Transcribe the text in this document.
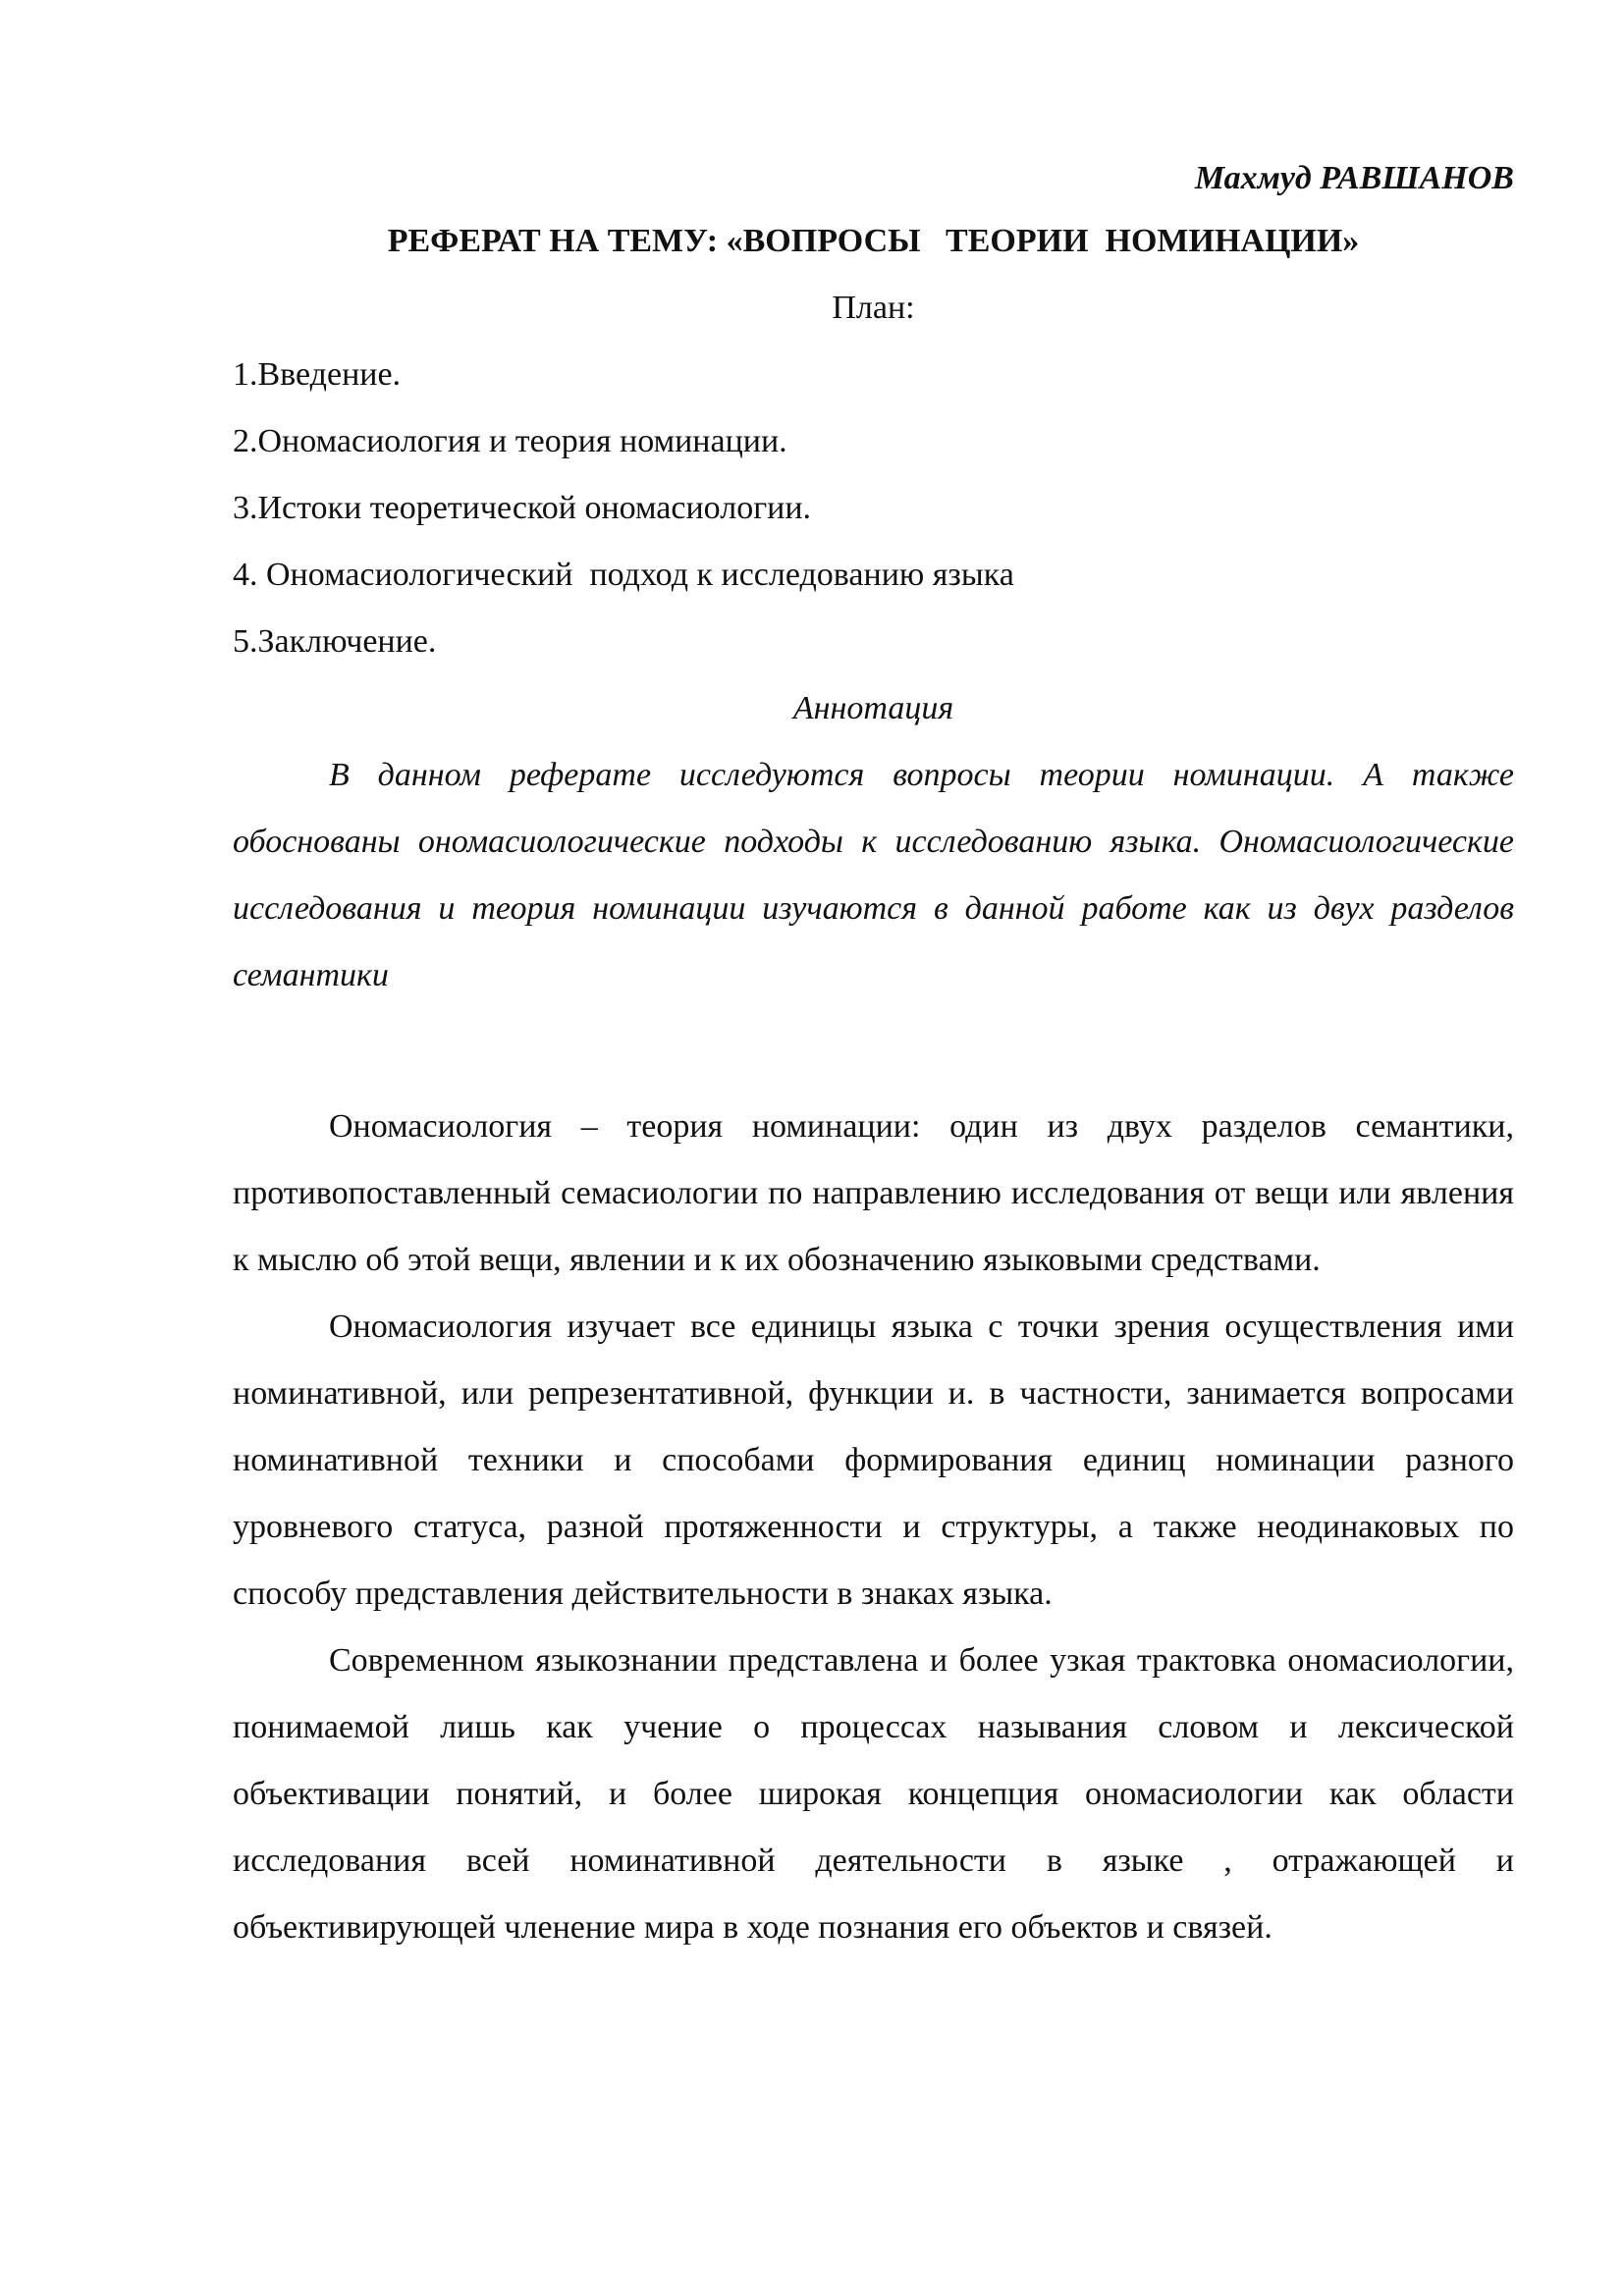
Махмуд РАВШАНОВ
РЕФЕРАТ НА ТЕМУ: «ВОПРОСЫ   ТЕОРИИ  НОМИНАЦИИ»
План:
1.Введение.
2.Ономасиология и теория номинации.
3.Истоки теоретической ономасиологии.
4. Ономасиологический  подход к исследованию языка
5.Заключение.
Аннотация

В данном реферате исследуются вопросы теории номинации. А также обоснованы ономасиологические подходы к исследованию языка. Ономасиологические исследования и теория номинации изучаются в данной работе как из двух разделов семантики

Ономасиология – теория номинации: один из двух разделов семантики, противопоставленный семасиологии по направлению исследования от вещи или явления к мыслю об этой вещи, явлении и к их обозначению языковыми средствами.

Ономасиология изучает все единицы языка с точки зрения осуществления ими номинативной, или репрезентативной, функции и. в частности, занимается вопросами номинативной техники и способами формирования единиц номинации разного уровневого статуса, разной протяженности и структуры, а также неодинаковых по способу представления действительности в знаках языка.

Современном языкознании представлена и более узкая трактовка ономасиологии, понимаемой лишь как учение о процессах называния словом и лексической объективации понятий, и более широкая концепция ономасиологии как области исследования всей номинативной деятельности в языке , отражающей и объективирующей членение мира в ходе познания его объектов и связей.
